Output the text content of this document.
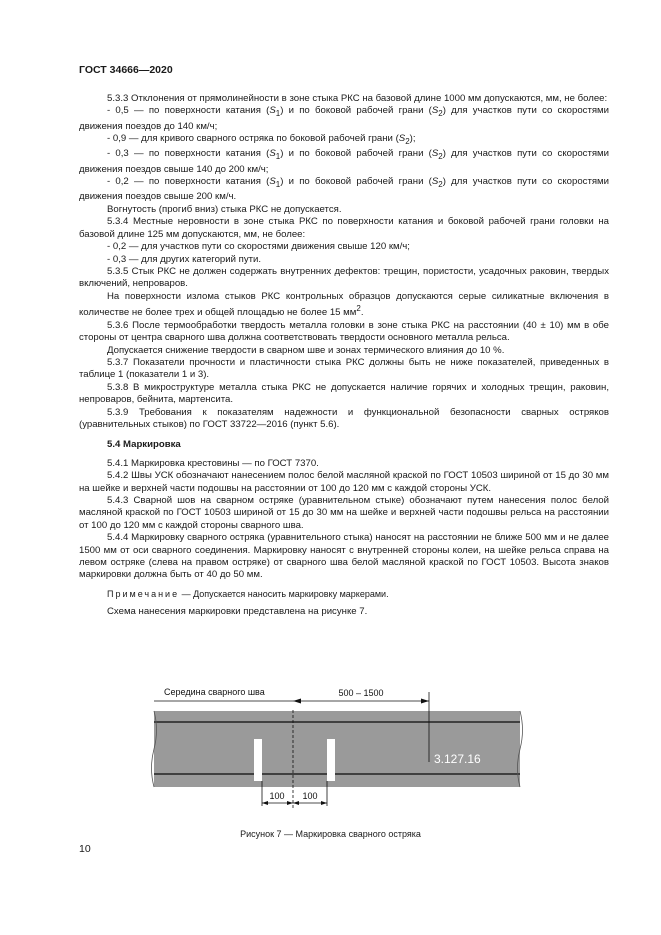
ГОСТ 34666—2020

5.3.3 Отклонения от прямолинейности в зоне стыка РКС на базовой длине 1000 мм допускаются, мм, не более:

- 0,5 — по поверхности катания $(S_1)$ и по боковой рабочей грани $(S_2)$ для участков пути со скоростями движения поездов до 140 км/ч;

- 0,9 — для кривого сварного остряка по боковой рабочей грани $(S_2)$;

- 0,3 — по поверхности катания $(S_1)$ и по боковой рабочей грани $(S_2)$ для участков пути со скоростями движения поездов свыше 140 до 200 км/ч;

- 0,2 — по поверхности катания $(S_1)$ и по боковой рабочей грани $(S_2)$ для участков пути со скоростями движения поездов свыше 200 км/ч.

Вогнутость (прогиб вниз) стыка РКС не допускается.

5.3.4 Местные неровности в зоне стыка РКС по поверхности катания и боковой рабочей грани головки на базовой длине 125 мм допускаются, мм, не более:

- 0,2 — для участков пути со скоростями движения свыше 120 км/ч;

- 0,3 — для других категорий пути.

5.3.5 Стык РКС не должен содержать внутренних дефектов: трещин, пористости, усадочных раковин, твердых включений, непроваров.

На поверхности излома стыков РКС контрольных образцов допускаются серые силикатные включения в количестве не более трех и общей площадью не более 15 $мм^2$.

5.3.6 После термообработки твердость металла головки в зоне стыка РКС на расстоянии (40 ± 10) мм в обе стороны от центра сварного шва должна соответствовать твердости основного металла рельса.

Допускается снижение твердости в сварном шве и зонах термического влияния до 10 %.

5.3.7 Показатели прочности и пластичности стыка РКС должны быть не ниже показателей, приведенных в таблице 1 (показатели 1 и 3).

5.3.8 В микроструктуре металла стыка РКС не допускается наличие горячих и холодных трещин, раковин, непроваров, бейнита, мартенсита.

5.3.9 Требования к показателям надежности и функциональной безопасности сварных остряков (уравнительных стыков) по ГОСТ 33722—2016 (пункт 5.6).

5.4 Маркировка

5.4.1 Маркировка крестовины — по ГОСТ 7370.

5.4.2 Швы УСК обозначают нанесением полос белой масляной краской по ГОСТ 10503 шириной от 15 до 30 мм на шейке и верхней части подошвы на расстоянии от 100 до 120 мм с каждой стороны УСК.

5.4.3 Сварной шов на сварном остряке (уравнительном стыке) обозначают путем нанесения полос белой масляной краской по ГОСТ 10503 шириной от 15 до 30 мм на шейке и верхней части подошвы рельса на расстоянии от 100 до 120 мм с каждой стороны сварного шва.

5.4.4 Маркировку сварного остряка (уравнительного стыка) наносят на расстоянии не ближе 500 мм и не далее 1500 мм от оси сварного соединения. Маркировку наносят с внутренней стороны колеи, на шейке рельса справа на левом остряке (слева на правом остряке) от сварного шва белой масляной краской по ГОСТ 10503. Высота знаков маркировки должна быть от 40 до 50 мм.

Примечание — Допускается наносить маркировку маркерами.

Схема нанесения маркировки представлена на рисунке 7.

Середина сварного шва	500 – 1500
3.127.16
100 100
Рисунок 7 — Маркировка сварного остряка
10
